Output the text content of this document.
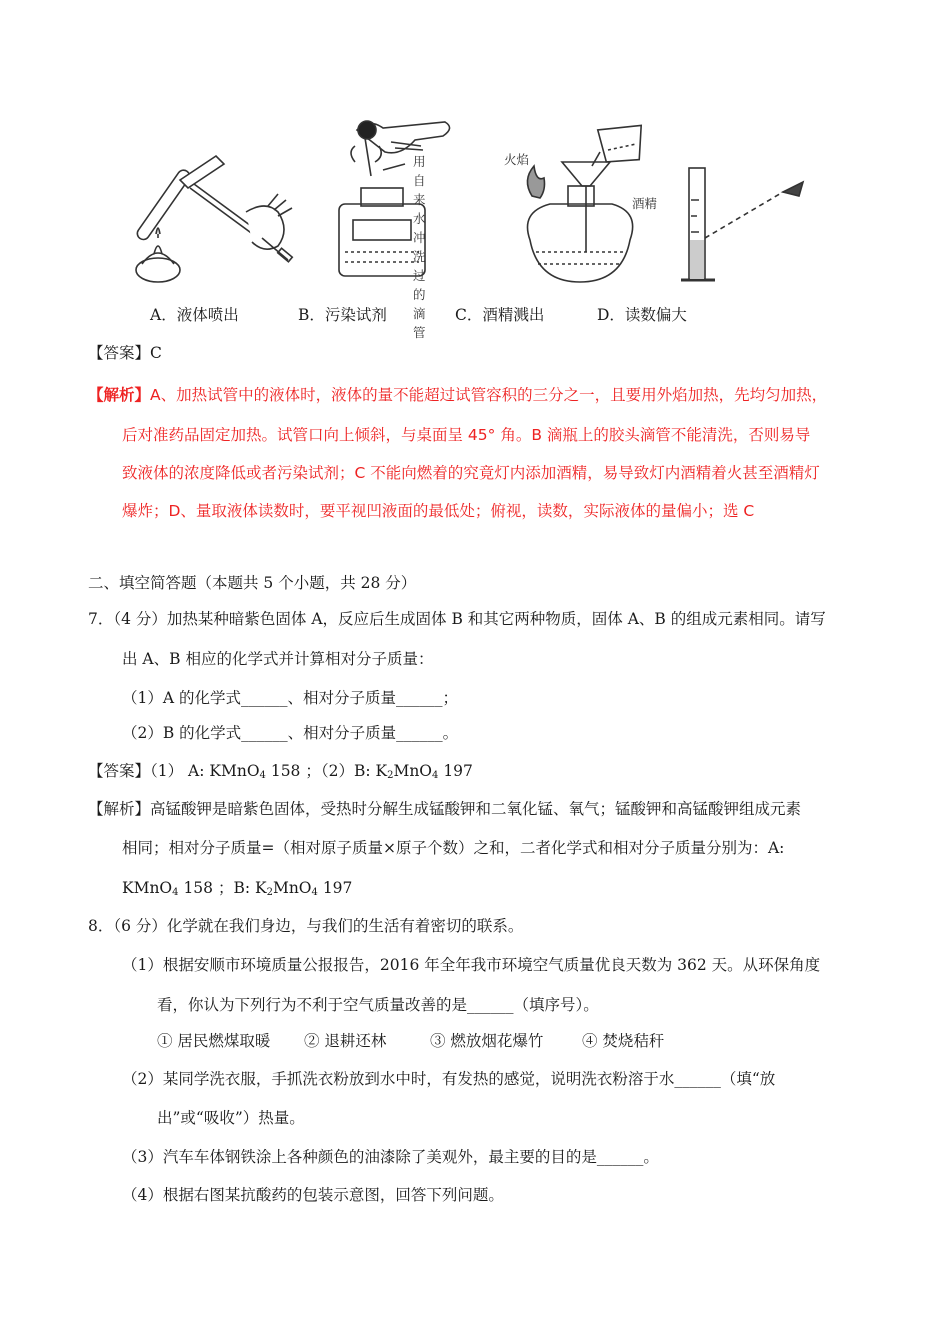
用自
来水
冲洗
过的
滴管
火焰
酒精
A．液体喷出	B．污染试剂	C．酒精溅出	D．读数偏大
【答案】C
【解析】A、加热试管中的液体时，液体的量不能超过试管容积的三分之一，且要用外焰加热，先均匀加热，
后对准药品固定加热。试管口向上倾斜，与桌面呈 45° 角。B 滴瓶上的胶头滴管不能清洗，否则易导
致液体的浓度降低或者污染试剂；C 不能向燃着的究竟灯内添加酒精，易导致灯内酒精着火甚至酒精灯
爆炸；D、量取液体读数时，要平视凹液面的最低处；俯视，读数，实际液体的量偏小；选 C
二、填空简答题（本题共 5 个小题，共 28 分）
7．（4 分）加热某种暗紫色固体 A，反应后生成固体 B 和其它两种物质，固体 A、B 的组成元素相同。请写
出 A、B 相应的化学式并计算相对分子质量：
（1）A 的化学式______、相对分子质量______；
（2）B 的化学式______、相对分子质量______。
【答案】（1） A: KMnO$_4$ 158 ；（2）B: $K_2MnO_4$ 197
【解析】高锰酸钾是暗紫色固体，受热时分解生成锰酸钾和二氧化锰、氧气；锰酸钾和高锰酸钾组成元素
相同；相对分子质量=（相对原子质量×原子个数）之和，二者化学式和相对分子质量分别为：A:
KMnO$_4$ 158 ；B: $K_2MnO_4$ 197
8．（6 分）化学就在我们身边，与我们的生活有着密切的联系。
（1）根据安顺市环境质量公报报告，2016 年全年我市环境空气质量优良天数为 362 天。从环保角度
看，你认为下列行为不利于空气质量改善的是______（填序号）。
① 居民燃煤取暖 ② 退耕还林	③ 燃放烟花爆竹 ④ 焚烧秸秆
（2）某同学洗衣服，手抓洗衣粉放到水中时，有发热的感觉，说明洗衣粉溶于水______（填“放
出”或“吸收”）热量。
（3）汽车车体钢铁涂上各种颜色的油漆除了美观外，最主要的目的是______。
（4）根据右图某抗酸药的包装示意图，回答下列问题。
